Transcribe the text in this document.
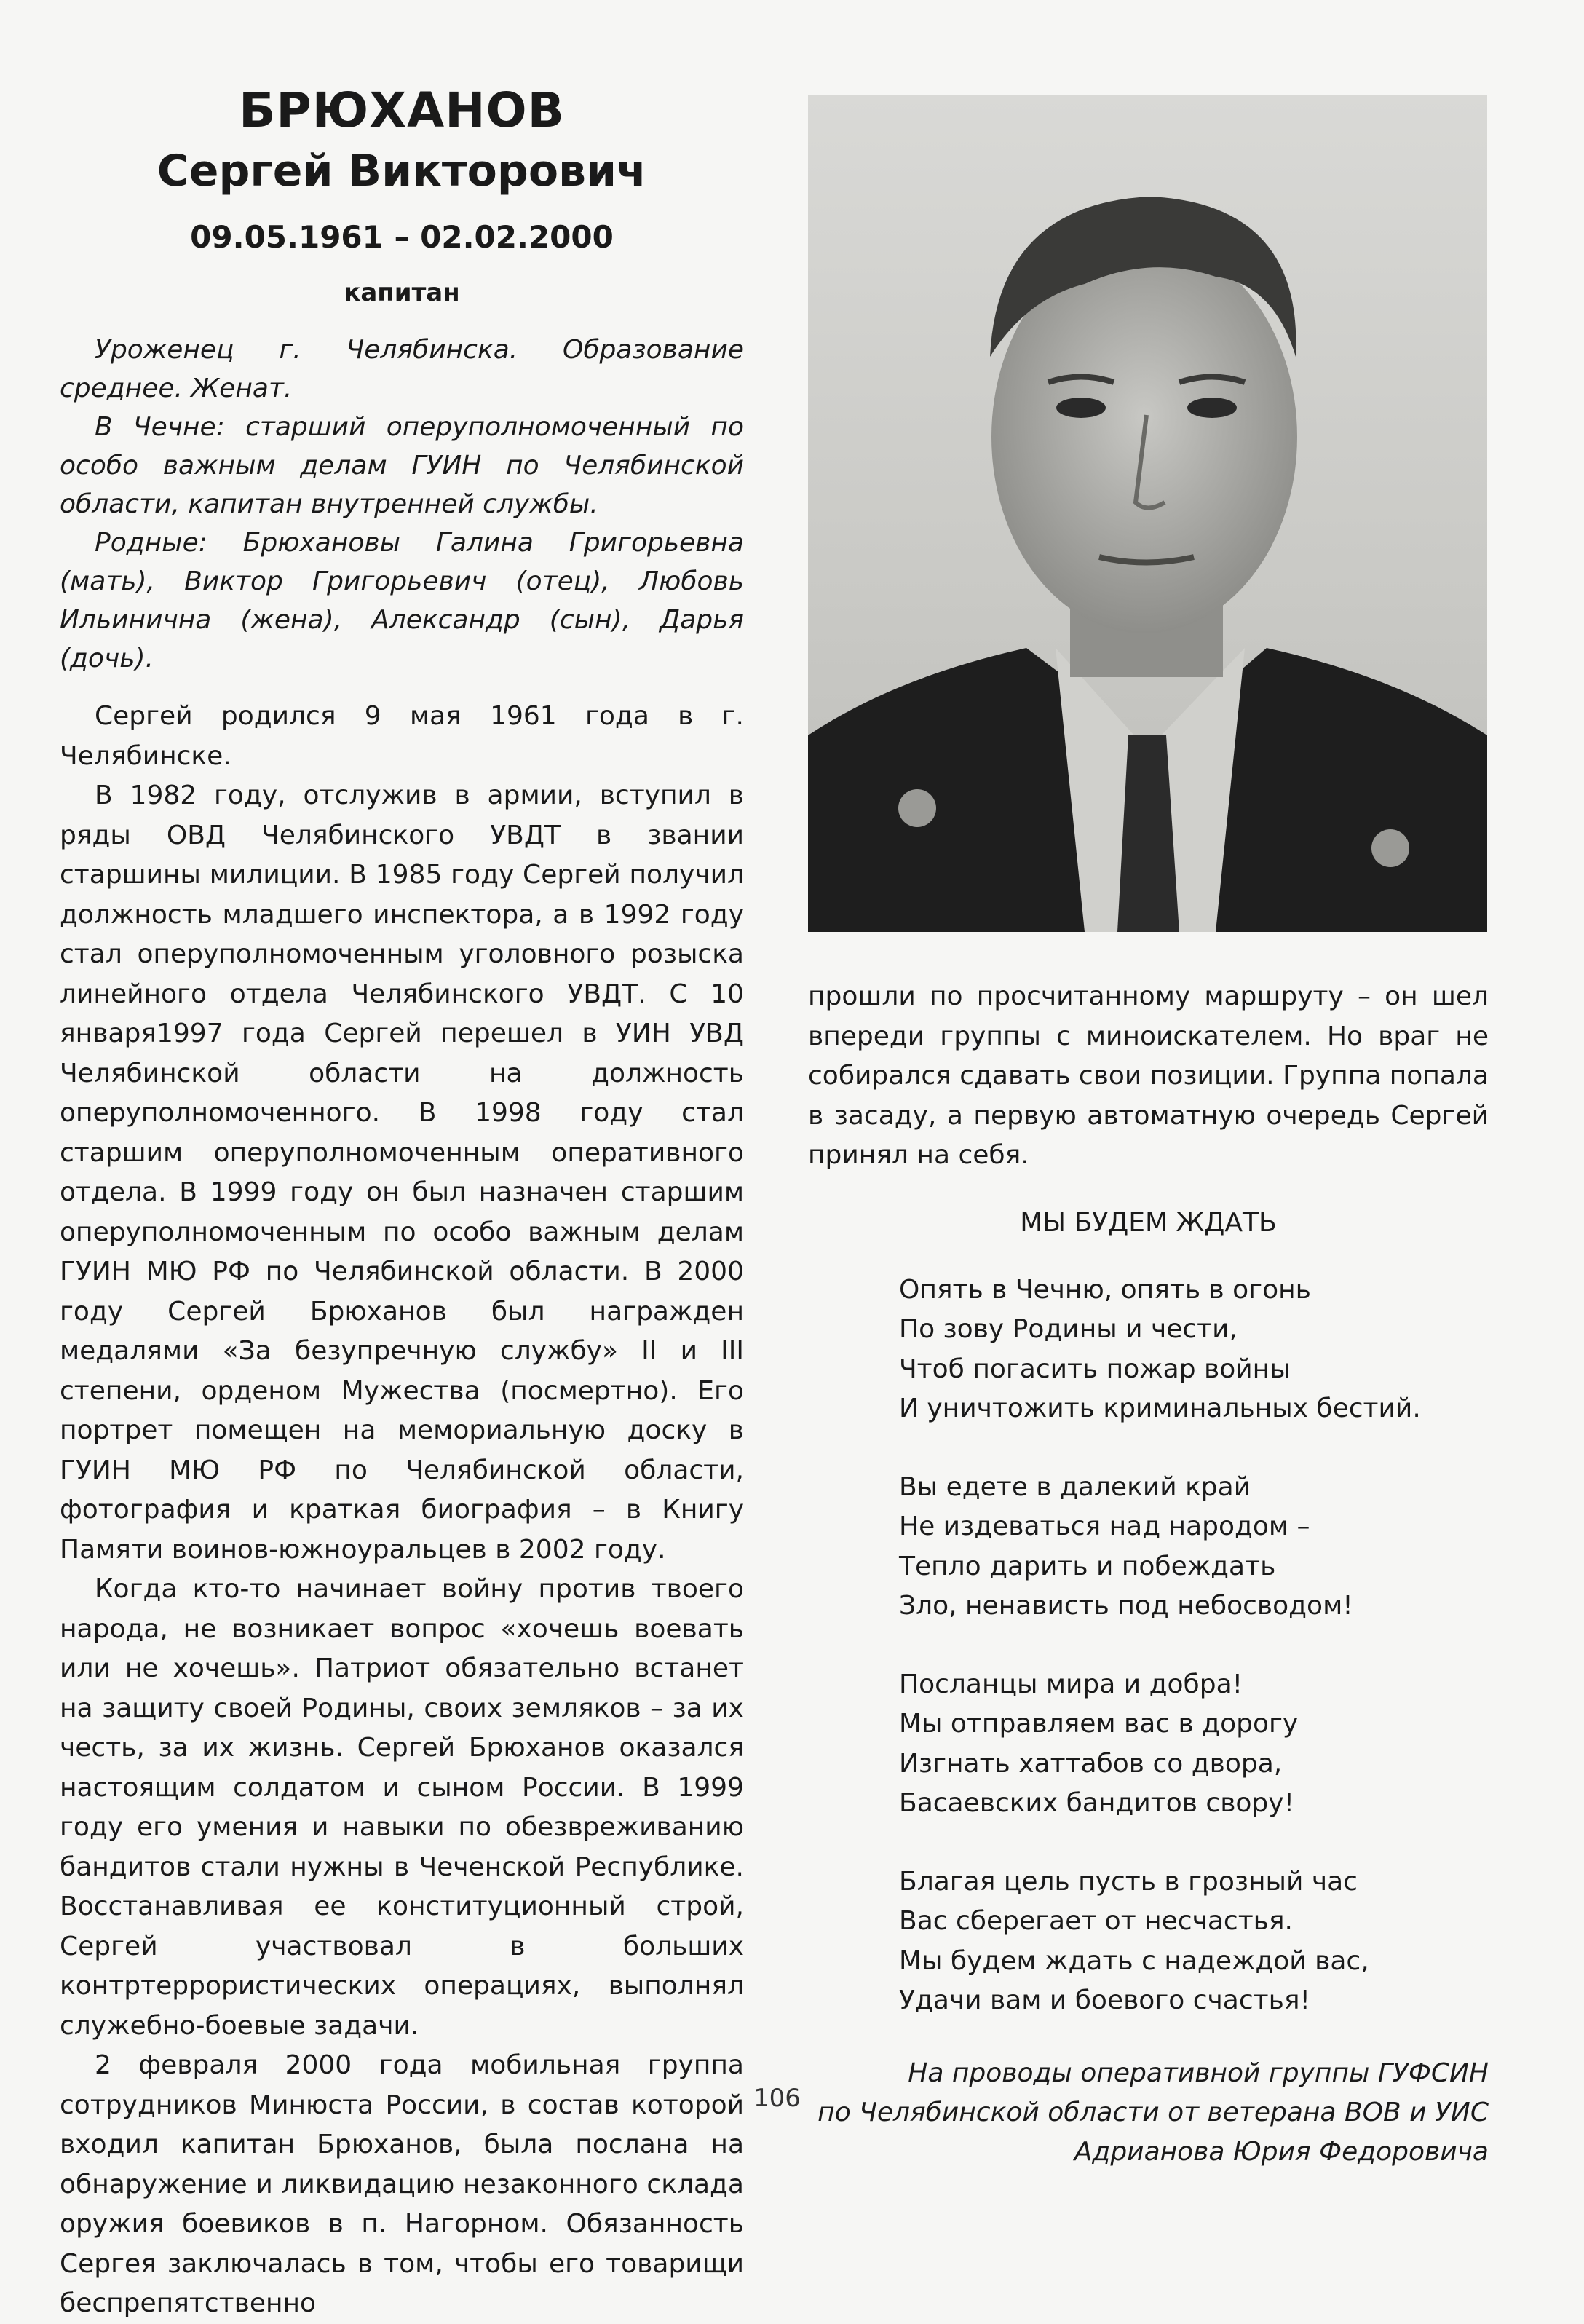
БРЮХАНОВ
Сергей Викторович
09.05.1961 – 02.02.2000
капитан

Уроженец г. Челябинска. Образование среднее. Женат.

В Чечне: старший оперуполномоченный по особо важным делам ГУИН по Челябинской области, капитан внутренней службы.

Родные: Брюхановы Галина Григорьевна (мать), Виктор Григорьевич (отец), Любовь Ильинична (жена), Александр (сын), Дарья (дочь).

Сергей родился 9 мая 1961 года в г. Челябинске.

В 1982 году, отслужив в армии, вступил в ряды ОВД Челябинского УВДТ в звании старшины милиции. В 1985 году Сергей получил должность младшего инспектора, а в 1992 году стал оперуполномоченным уголовного розыска линейного отдела Челябинского УВДТ. С 10 января1997 года Сергей перешел в УИН УВД Челябинской области на должность оперуполномоченного. В 1998 году стал старшим оперуполномоченным оперативного отдела. В 1999 году он был назначен старшим оперуполномоченным по особо важным делам ГУИН МЮ РФ по Челябинской области. В 2000 году Сергей Брюханов был награжден медалями «За безупречную службу» II и III степени, орденом Мужества (посмертно). Его портрет помещен на мемориальную доску в ГУИН МЮ РФ по Челябинской области, фотография и краткая биография – в Книгу Памяти воинов-южноуральцев в 2002 году.

Когда кто-то начинает войну против твоего народа, не возникает вопрос «хочешь воевать или не хочешь». Патриот обязательно встанет на защиту своей Родины, своих земляков – за их честь, за их жизнь. Сергей Брюханов оказался настоящим солдатом и сыном России. В 1999 году его умения и навыки по обезвреживанию бандитов стали нужны в Чеченской Республике. Восстанавливая ее конституционный строй, Сергей участвовал в больших контртеррористических операциях, выполнял служебно-боевые задачи.

2 февраля 2000 года мобильная группа сотрудников Минюста России, в состав которой входил капитан Брюханов, была послана на обнаружение и ликвидацию незаконного склада оружия боевиков в п. Нагорном. Обязанность Сергея заключалась в том, чтобы его товарищи беспрепятственно

прошли по просчитанному маршруту – он шел впереди группы с миноискателем. Но враг не собирался сдавать свои позиции. Группа попала в засаду, а первую автоматную очередь Сергей принял на себя.

МЫ БУДЕМ ЖДАТЬ
Опять в Чечню, опять в огонь
По зову Родины и чести,
Чтоб погасить пожар войны
И уничтожить криминальных бестий.
Вы едете в далекий край
Не издеваться над народом –
Тепло дарить и побеждать
Зло, ненависть под небосводом!
Посланцы мира и добра!
Мы отправляем вас в дорогу
Изгнать хаттабов со двора,
Басаевских бандитов свору!
Благая цель пусть в грозный час
Вас сберегает от несчастья.
Мы будем ждать с надеждой вас,
Удачи вам и боевого счастья!
На проводы оперативной группы ГУФСИН
по Челябинской области от ветерана ВОВ и УИС
Адрианова Юрия Федоровича
106
